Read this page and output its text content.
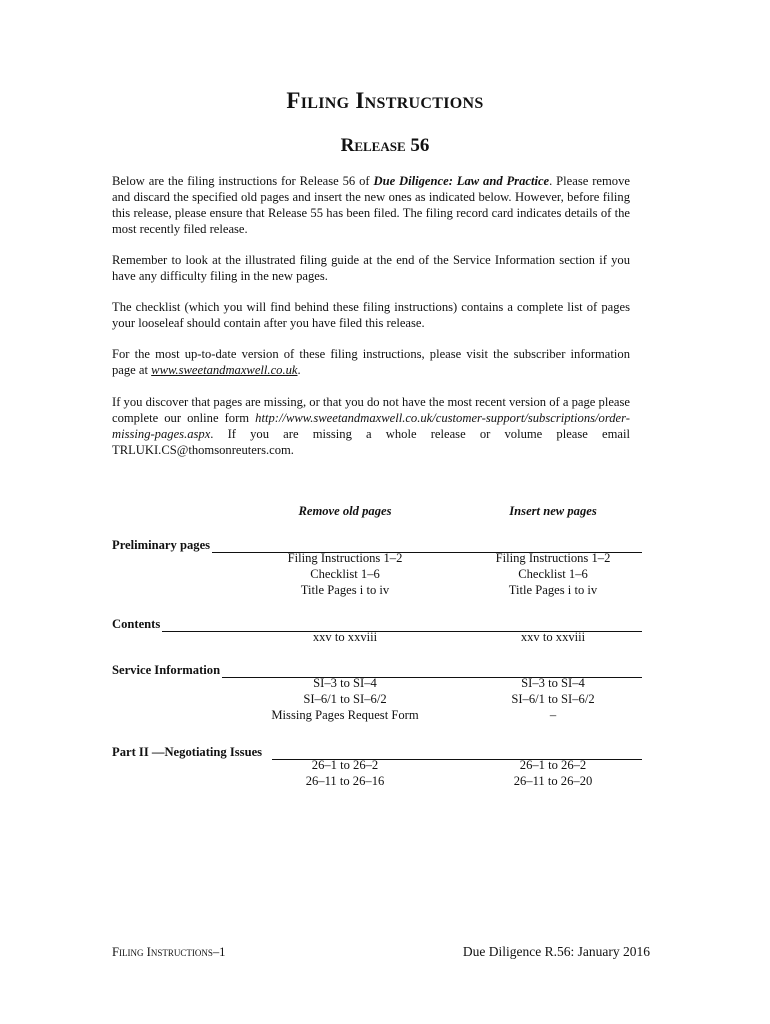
Filing Instructions
Release 56

Below are the filing instructions for Release 56 of Due Diligence: Law and Practice. Please remove and discard the specified old pages and insert the new ones as indicated below. However, before filing this release, please ensure that Release 55 has been filed. The filing record card indicates details of the most recently filed release.

Remember to look at the illustrated filing guide at the end of the Service Information section if you have any difficulty filing in the new pages.

The checklist (which you will find behind these filing instructions) contains a complete list of pages your looseleaf should contain after you have filed this release.

For the most up-to-date version of these filing instructions, please visit the subscriber information page at www.sweetandmaxwell.co.uk.

If you discover that pages are missing, or that you do not have the most recent version of a page please complete our online form http://www.sweetandmaxwell.co.uk/customer-support/subscriptions/order-missing-pages.aspx. If you are missing a whole release or volume please email TRLUKI.CS@thomsonreuters.com.

Remove old pages	Insert new pages
Preliminary pages
Filing Instructions 1–2	Filing Instructions 1–2
Checklist 1–6	Checklist 1–6
Title Pages i to iv	Title Pages i to iv
Contents
xxv to xxviii	xxv to xxviii
Service Information
SI–3 to SI–4	SI–3 to SI–4
SI–6/1 to SI–6/2	SI–6/1 to SI–6/2
Missing Pages Request Form	–
Part II —Negotiating Issues
26–1 to 26–2	26–1 to 26–2
26–11 to 26–16	26–11 to 26–20
Filing Instructions–1	Due Diligence R.56: January 2016
